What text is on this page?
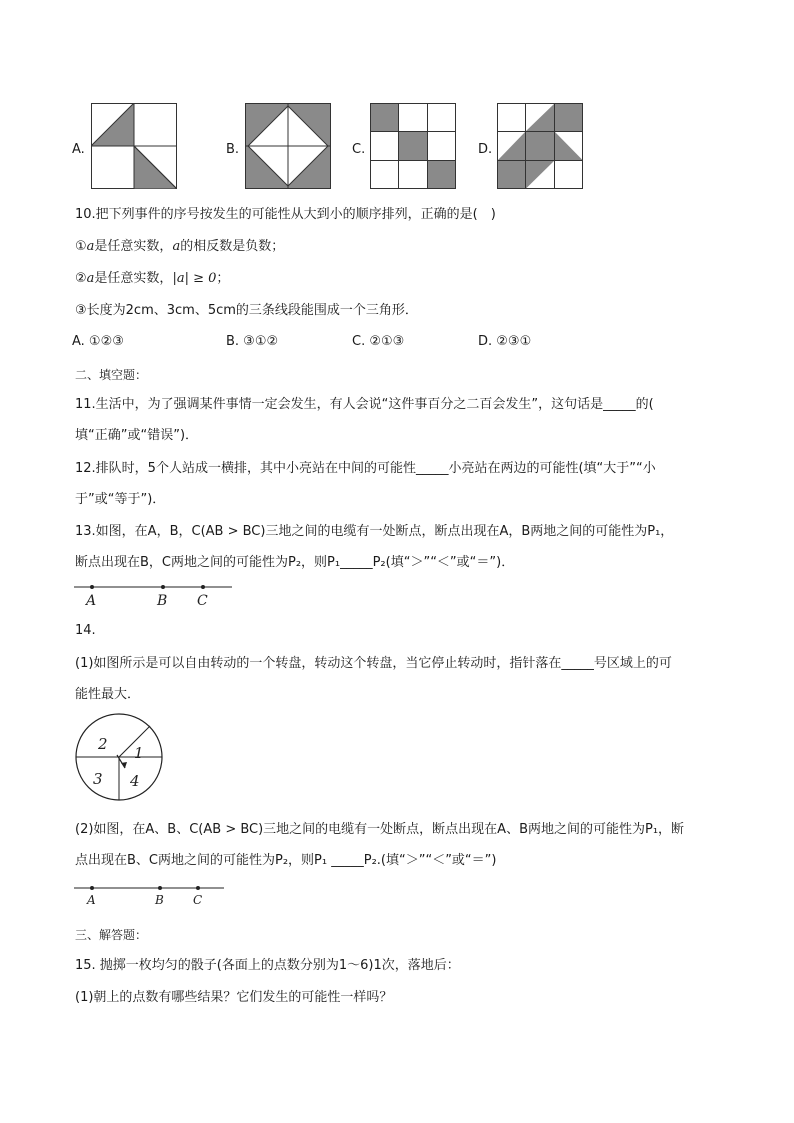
A.	B.	C.	D.
10.把下列事件的序号按发生的可能性从大到小的顺序排列，正确的是(　)
①a是任意实数，a的相反数是负数；
②a是任意实数，|a| ≥ 0；
③长度为2cm、3cm、5cm的三条线段能围成一个三角形．
A. ①②③	B. ③①②	C. ②①③	D. ②③①
二、填空题：
11.生活中，为了强调某件事情一定会发生，有人会说“这件事百分之二百会发生”，这句话是_____的(
填“正确”或“错误”)．
12.排队时，5个人站成一横排，其中小亮站在中间的可能性_____小亮站在两边的可能性(填“大于”“小
于”或“等于”)．
13.如图，在A，B，C(AB > BC)三地之间的电缆有一处断点，断点出现在A，B两地之间的可能性为P₁，
断点出现在B，C两地之间的可能性为P₂，则P₁_____P₂(填“＞”“＜”或“＝”)．
A	B C
14.
(1)如图所示是可以自由转动的一个转盘，转动这个转盘，当它停止转动时，指针落在_____号区域上的可
能性最大．
2 1
3 4
(2)如图，在A、B、C(AB > BC)三地之间的电缆有一处断点，断点出现在A、B两地之间的可能性为P₁，断
点出现在B、C两地之间的可能性为P₂，则P₁ _____P₂.(填“＞”“＜”或“＝”)
A	B C
三、解答题：
15. 抛掷一枚均匀的骰子(各面上的点数分别为1～6)1次，落地后：
(1)朝上的点数有哪些结果？它们发生的可能性一样吗？
